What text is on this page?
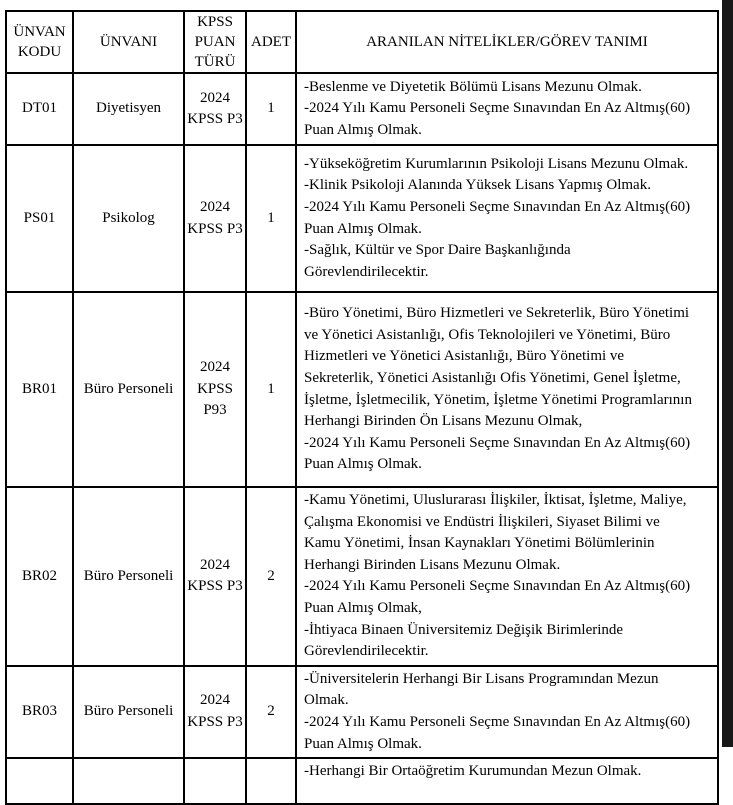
ÜNVAN KODU	ÜNVANI	KPSS PUAN TÜRÜ	ADET	ARANILAN NİTELİKLER/GÖREV TANIMI
DT01	Diyetisyen	2024 KPSS P3	1	-Beslenme ve Diyetetik Bölümü Lisans Mezunu Olmak.
-2024 Yılı Kamu Personeli Seçme Sınavından En Az Altmış(60) Puan Almış Olmak.

PS01	Psikolog	2024 KPSS P3	1	-Yükseköğretim Kurumlarının Psikoloji Lisans Mezunu Olmak.
-Klinik Psikoloji Alanında Yüksek Lisans Yapmış Olmak.
-2024 Yılı Kamu Personeli Seçme Sınavından En Az Altmış(60) Puan Almış Olmak.
-Sağlık, Kültür ve Spor Daire Başkanlığında Görevlendirilecektir.

BR01	Büro Personeli	2024 KPSS P93	1	-Büro Yönetimi, Büro Hizmetleri ve Sekreterlik, Büro Yönetimi ve Yönetici Asistanlığı, Ofis Teknolojileri ve Yönetimi, Büro Hizmetleri ve Yönetici Asistanlığı, Büro Yönetimi ve Sekreterlik, Yönetici Asistanlığı Ofis Yönetimi, Genel İşletme, İşletme, İşletmecilik, Yönetim, İşletme Yönetimi Programlarının Herhangi Birinden Ön Lisans Mezunu Olmak,
-2024 Yılı Kamu Personeli Seçme Sınavından En Az Altmış(60) Puan Almış Olmak.

BR02	Büro Personeli	2024 KPSS P3	2	-Kamu Yönetimi, Uluslurarası İlişkiler, İktisat, İşletme, Maliye, Çalışma Ekonomisi ve Endüstri İlişkileri, Siyaset Bilimi ve Kamu Yönetimi, İnsan Kaynakları Yönetimi Bölümlerinin Herhangi Birinden Lisans Mezunu Olmak.
-2024 Yılı Kamu Personeli Seçme Sınavından En Az Altmış(60) Puan Almış Olmak,
-İhtiyaca Binaen Üniversitemiz Değişik Birimlerinde Görevlendirilecektir.

BR03	Büro Personeli	2024 KPSS P3	2	-Üniversitelerin Herhangi Bir Lisans Programından Mezun Olmak.
-2024 Yılı Kamu Personeli Seçme Sınavından En Az Altmış(60) Puan Almış Olmak.

				-Herhangi Bir Ortaöğretim Kurumundan Mezun Olmak.
